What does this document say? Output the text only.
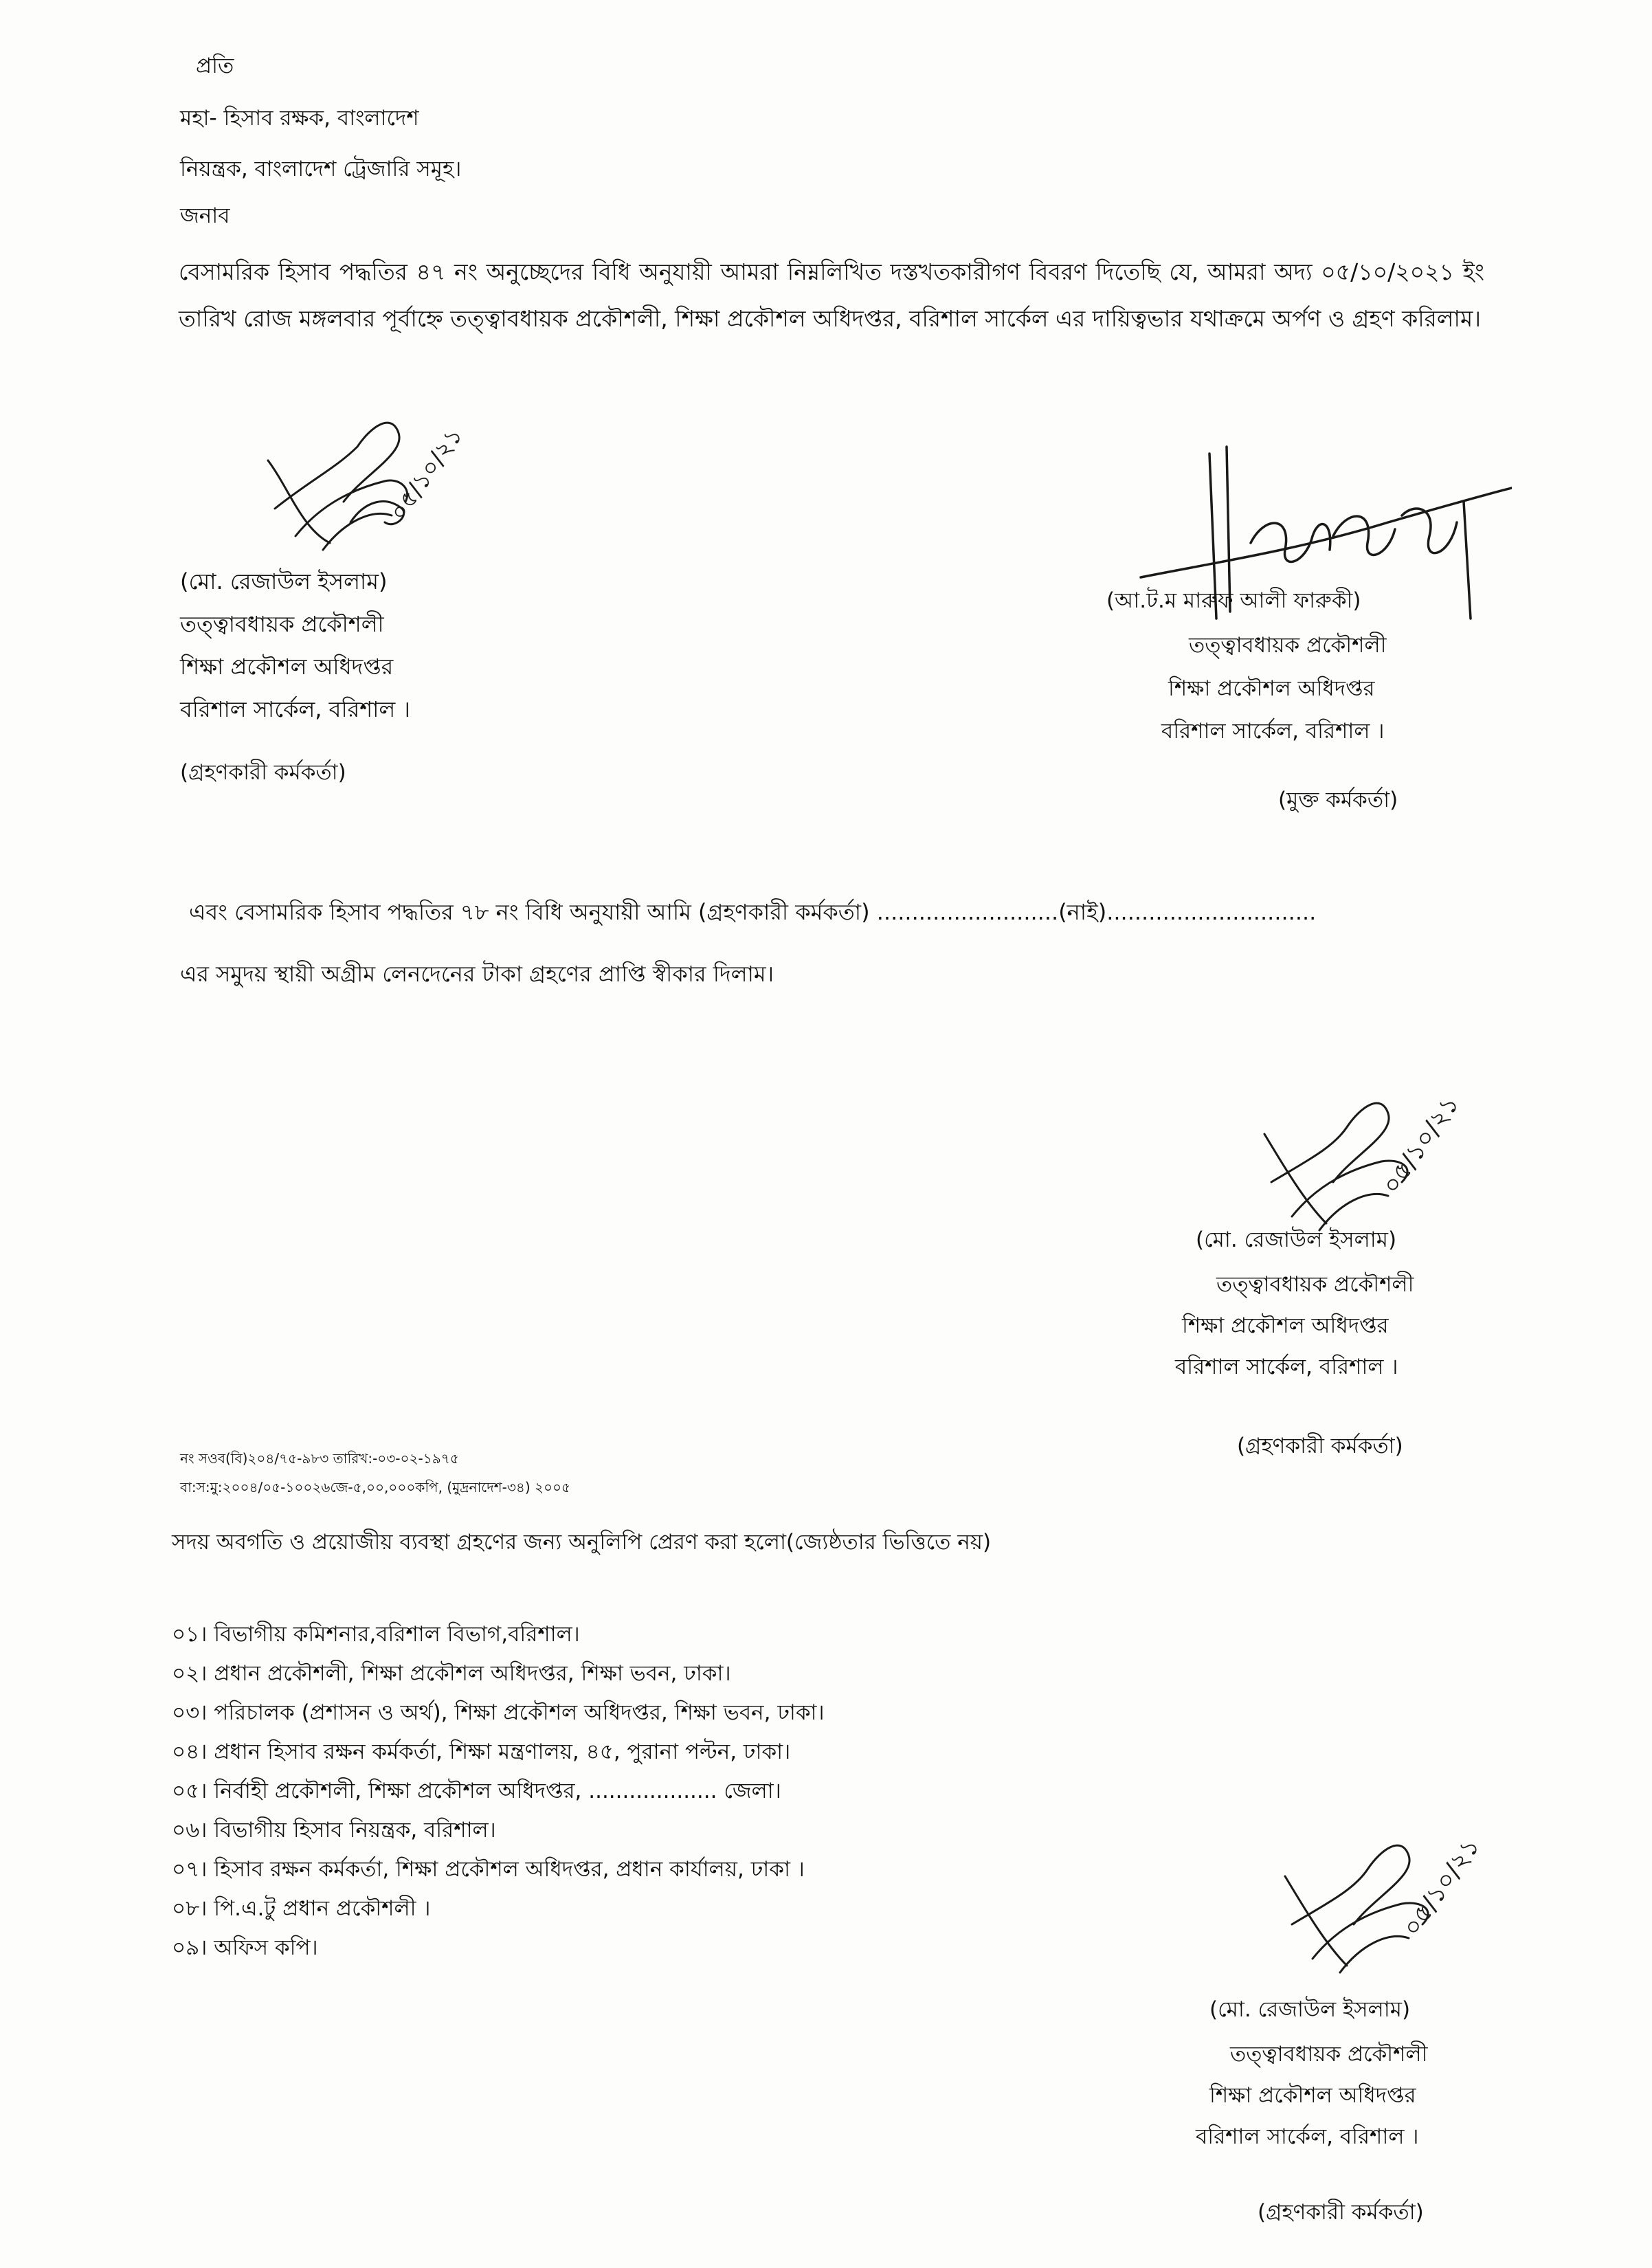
প্রতি
মহা- হিসাব রক্ষক, বাংলাদেশ
নিয়ন্ত্রক, বাংলাদেশ ট্রেজারি সমূহ।
জনাব
বেসামরিক হিসাব পদ্ধতির ৪৭ নং অনুচ্ছেদের বিধি অনুযায়ী আমরা নিম্নলিখিত দস্তখতকারীগণ বিবরণ দিতেছি যে, আমরা অদ্য ০৫/১০/২০২১ ইং তারিখ রোজ মঙ্গলবার পূর্বাহ্নে তত্ত্বাবধায়ক প্রকৌশলী, শিক্ষা প্রকৌশল অধিদপ্তর, বরিশাল সার্কেল এর দায়িত্বভার যথাক্রমে অর্পণ ও গ্রহণ করিলাম।
০৫/১০/২১
(মো. রেজাউল ইসলাম)
তত্ত্বাবধায়ক প্রকৌশলী
শিক্ষা প্রকৌশল অধিদপ্তর
বরিশাল সার্কেল, বরিশাল ।
(গ্রহণকারী কর্মকর্তা)
(আ.ট.ম মারুফ আলী ফারুকী)
তত্ত্বাবধায়ক প্রকৌশলী
শিক্ষা প্রকৌশল অধিদপ্তর
বরিশাল সার্কেল, বরিশাল ।
(মুক্ত কর্মকর্তা)
এবং বেসামরিক হিসাব পদ্ধতির ৭৮ নং বিধি অনুযায়ী আমি (গ্রহণকারী কর্মকর্তা) ..........................(নাই)..............................
এর সমুদয় স্থায়ী অগ্রীম লেনদেনের টাকা গ্রহণের প্রাপ্তি স্বীকার দিলাম।
০৫/১০/২১
(মো. রেজাউল ইসলাম)
তত্ত্বাবধায়ক প্রকৌশলী
শিক্ষা প্রকৌশল অধিদপ্তর
বরিশাল সার্কেল, বরিশাল ।
(গ্রহণকারী কর্মকর্তা)
নং সওব(বি)২০৪/৭৫-৯৮৩ তারিখ:-০৩-০২-১৯৭৫
বা:স:মু:২০০৪/০৫-১০০২৬জে-৫,০০,০০০কপি, (মুদ্রনাদেশ-৩৪) ২০০৫
সদয় অবগতি ও প্রয়োজীয় ব্যবস্থা গ্রহণের জন্য অনুলিপি প্রেরণ করা হলো(জ্যেষ্ঠতার ভিত্তিতে নয়)
০১। বিভাগীয় কমিশনার,বরিশাল বিভাগ,বরিশাল।
০২। প্রধান প্রকৌশলী, শিক্ষা প্রকৌশল অধিদপ্তর, শিক্ষা ভবন, ঢাকা।
০৩। পরিচালক (প্রশাসন ও অর্থ), শিক্ষা প্রকৌশল অধিদপ্তর, শিক্ষা ভবন, ঢাকা।
০৪। প্রধান হিসাব রক্ষন কর্মকর্তা, শিক্ষা মন্ত্রণালয়, ৪৫, পুরানা পল্টন, ঢাকা।
০৫। নির্বাহী প্রকৌশলী, শিক্ষা প্রকৌশল অধিদপ্তর, ................... জেলা।
০৬। বিভাগীয় হিসাব নিয়ন্ত্রক, বরিশাল।
০৭। হিসাব রক্ষন কর্মকর্তা, শিক্ষা প্রকৌশল অধিদপ্তর, প্রধান কার্যালয়, ঢাকা ।
০৮। পি.এ.টু প্রধান প্রকৌশলী ।
০৯। অফিস কপি।
০৫/১০/২১
(মো. রেজাউল ইসলাম)
তত্ত্বাবধায়ক প্রকৌশলী
শিক্ষা প্রকৌশল অধিদপ্তর
বরিশাল সার্কেল, বরিশাল ।
(গ্রহণকারী কর্মকর্তা)
